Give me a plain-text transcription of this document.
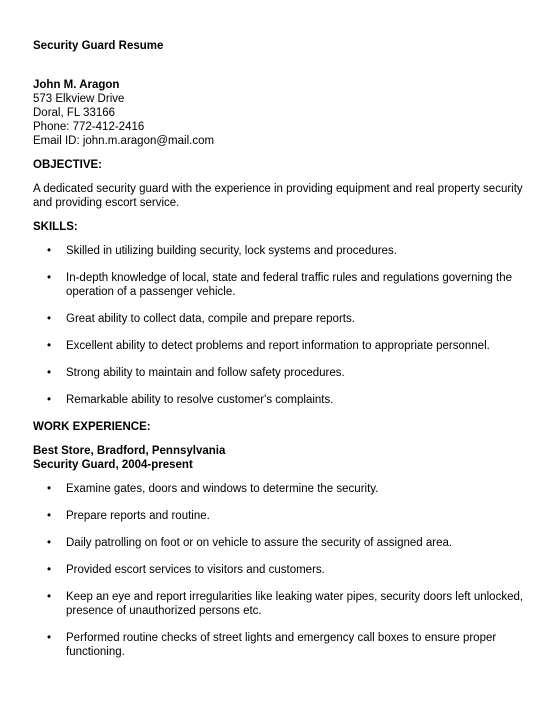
Security Guard Resume
John M. Aragon
573 Elkview Drive
Doral, FL 33166
Phone: 772-412-2416
Email ID: john.m.aragon@mail.com
OBJECTIVE:
A dedicated security guard with the experience in providing equipment and real property security and providing escort service.
SKILLS:
• Skilled in utilizing building security, lock systems and procedures.
• In-depth knowledge of local, state and federal traffic rules and regulations governing the operation of a passenger vehicle.
• Great ability to collect data, compile and prepare reports.
• Excellent ability to detect problems and report information to appropriate personnel.
• Strong ability to maintain and follow safety procedures.
• Remarkable ability to resolve customer's complaints.
WORK EXPERIENCE:
Best Store, Bradford, Pennsylvania
Security Guard, 2004-present
• Examine gates, doors and windows to determine the security.
• Prepare reports and routine.
• Daily patrolling on foot or on vehicle to assure the security of assigned area.
• Provided escort services to visitors and customers.
• Keep an eye and report irregularities like leaking water pipes, security doors left unlocked, presence of unauthorized persons etc.
• Performed routine checks of street lights and emergency call boxes to ensure proper functioning.
